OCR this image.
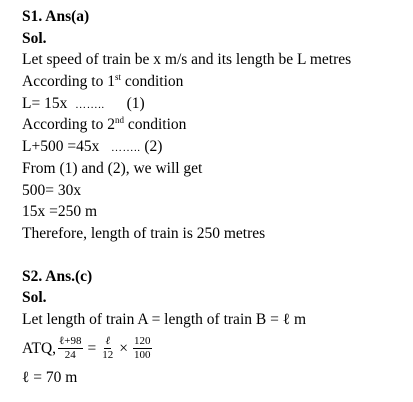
S1. Ans(a)
Sol.
Let speed of train be x m/s and its length be L metres
According to 1st condition
L= 15x  …….. (1)
According to 2nd condition
L+500 =45x   …….. (2)
From (1) and (2), we will get
500= 30x
15x =250 m
Therefore, length of train is 250 metres
S2. Ans.(c)
Sol.
Let length of train A = length of train B = ℓ m
ATQ, $\frac{\text{ℓ+98}}{24} = \frac{\text{ℓ}}{12} \times \frac{120}{100}$
ℓ = 70 m
